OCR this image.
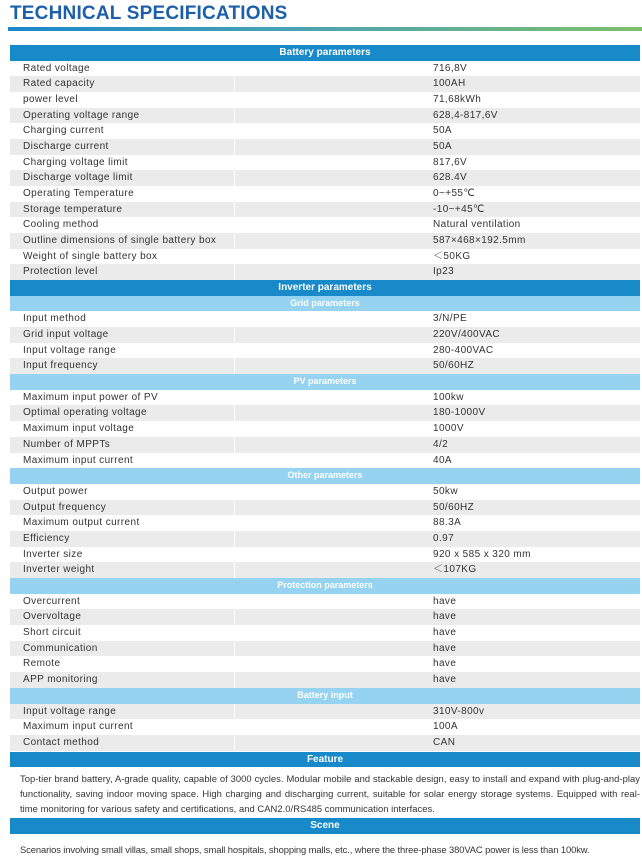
TECHNICAL SPECIFICATIONS
Battery parameters
Rated voltage	716,8V
Rated capacity	100AH
power level	71,68kWh
Operating voltage range	628,4-817,6V
Charging current	50A
Discharge current	50A
Charging voltage limit	817,6V
Discharge voltage limit	628.4V
Operating Temperature	0~+55℃
Storage temperature	-10~+45℃
Cooling method	Natural ventilation
Outline dimensions of single battery box	587×468×192.5mm
Weight of single battery box	＜50KG
Protection level	Ip23
Inverter parameters
Grid parameters
Input method	3/N/PE
Grid input voltage	220V/400VAC
Input voltage range	280-400VAC
Input frequency	50/60HZ
PV parameters
Maximum input power of PV	100kw
Optimal operating voltage	180-1000V
Maximum input voltage	1000V
Number of MPPTs	4/2
Maximum input current	40A
Other parameters
Output power	50kw
Output frequency	50/60HZ
Maximum output current	88.3A
Efficiency	0.97
Inverter size	920 x 585 x 320 mm
Inverter weight	＜107KG
Protection parameters
Overcurrent	have
Overvoltage	have
Short circuit	have
Communication	have
Remote	have
APP monitoring	have
Battery input
Input voltage range	310V-800v
Maximum input current	100A
Contact method	CAN
Feature
Top-tier brand battery, A-grade quality, capable of 3000 cycles. Modular mobile and stackable design, easy to install and expand with plug-and-play functionality, saving indoor moving space. High charging and discharging current, suitable for solar energy storage systems. Equipped with real-time monitoring for various safety and certifications, and CAN2.0/RS485 communication interfaces.
Scene
Scenarios involving small villas, small shops, small hospitals, shopping malls, etc., where the three-phase 380VAC power is less than 100kw.
